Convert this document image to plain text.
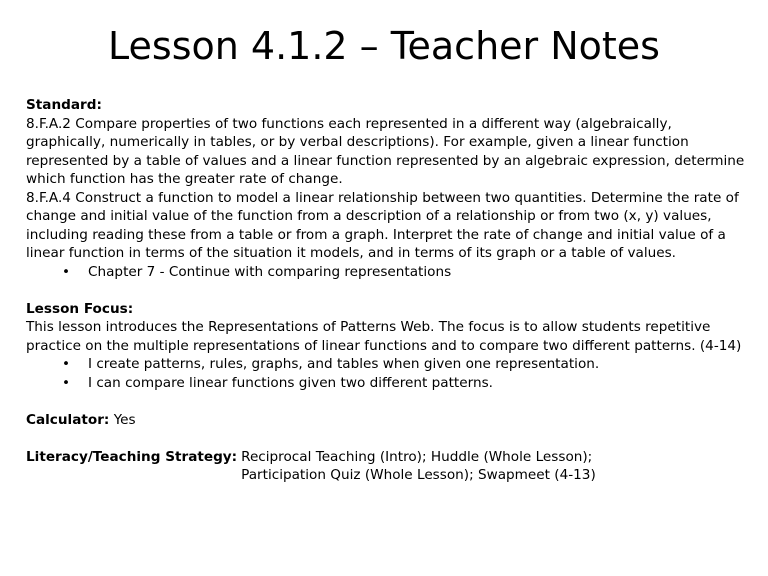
Lesson 4.1.2 – Teacher Notes

Standard:

8.F.A.2 Compare properties of two functions each represented in a different way (algebraically, graphically, numerically in tables, or by verbal descriptions). For example, given a linear function represented by a table of values and a linear function represented by an algebraic expression, determine which function has the greater rate of change.

8.F.A.4 Construct a function to model a linear relationship between two quantities. Determine the rate of change and initial value of the function from a description of a relationship or from two (x, y) values, including reading these from a table or from a graph. Interpret the rate of change and initial value of a linear function in terms of the situation it models, and in terms of its graph or a table of values.

• Chapter 7 - Continue with comparing representations

Lesson Focus:

This lesson introduces the Representations of Patterns Web. The focus is to allow students repetitive practice on the multiple representations of linear functions and to compare two different patterns. (4-14)

• I create patterns, rules, graphs, and tables when given one representation.

• I can compare linear functions given two different patterns.

Calculator: Yes

Literacy/Teaching Strategy: Reciprocal Teaching (Intro); Huddle (Whole Lesson);
Participation Quiz (Whole Lesson); Swapmeet (4-13)
